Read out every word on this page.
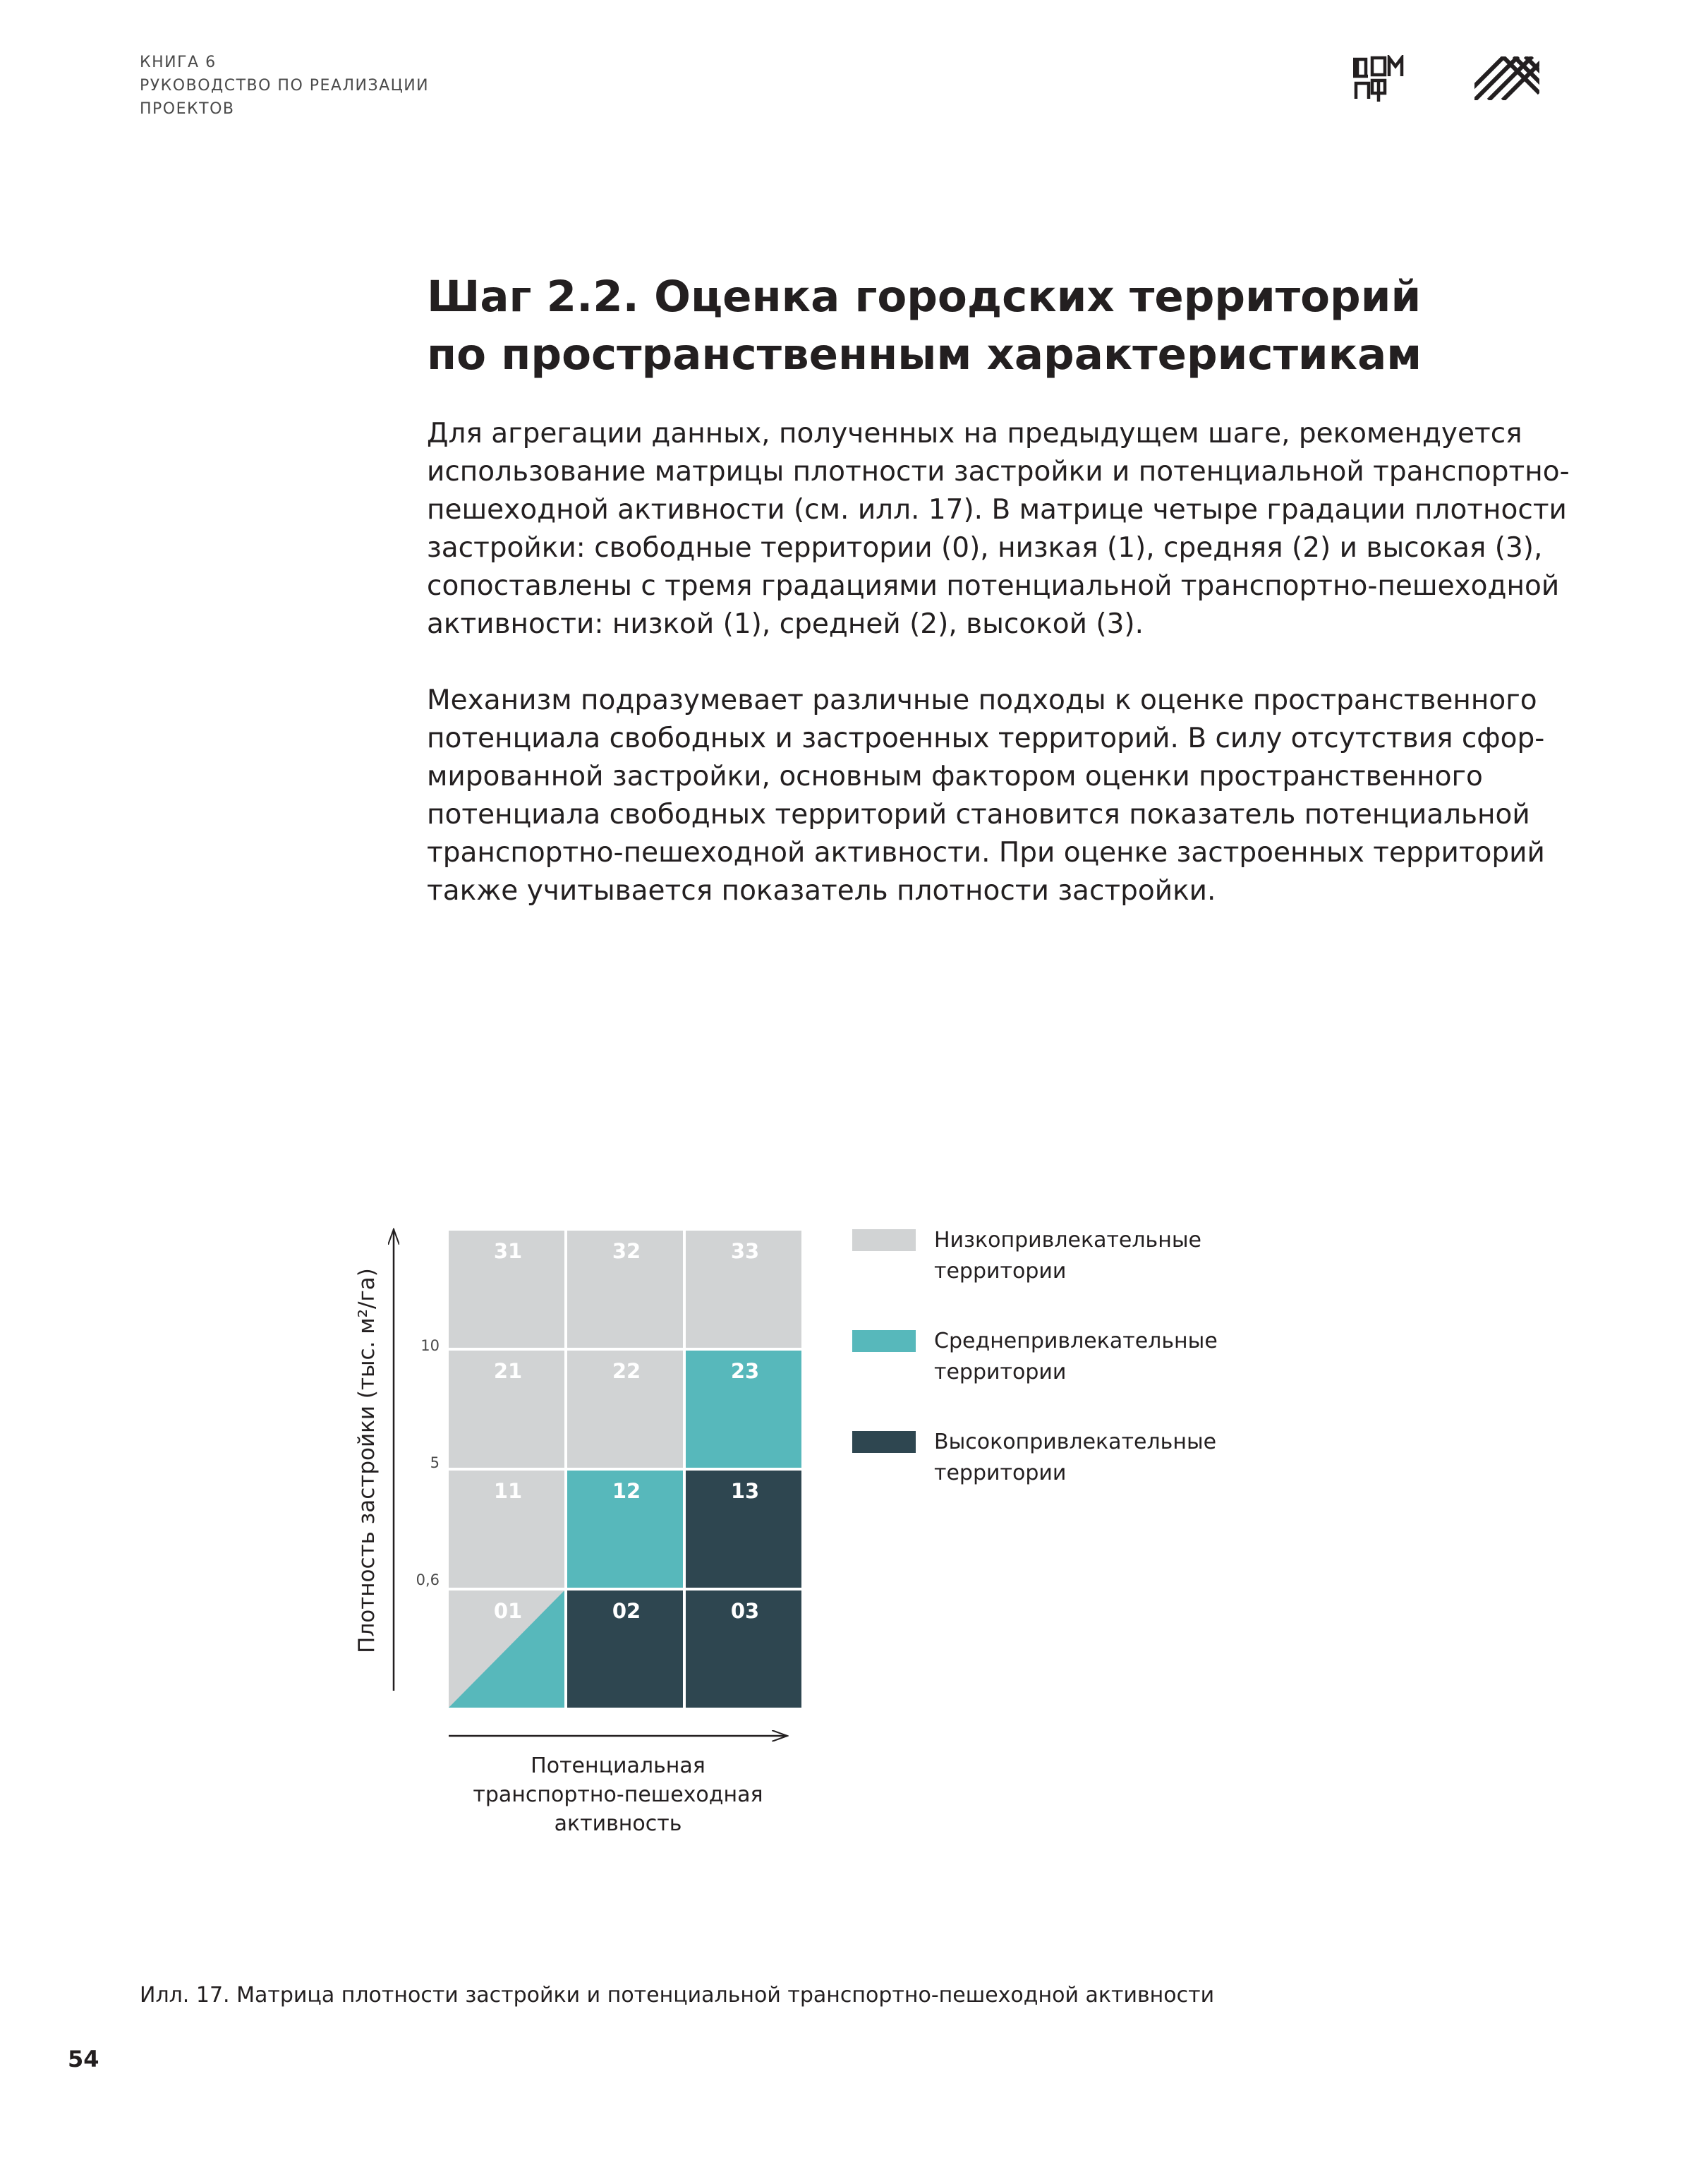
КНИГА 6
РУКОВОДСТВО ПО РЕАЛИЗАЦИИ
ПРОЕКТОВ
Шаг 2.2. Оценка городских территорий
по пространственным характеристикам
Для агрегации данных, полученных на предыдущем шаге, рекомендуется
использование матрицы плотности застройки и потенциальной транспортно-
пешеходной активности (см. илл. 17). В матрице четыре градации плотности
застройки: свободные территории (0), низкая (1), средняя (2) и высокая (3),
сопоставлены с тремя градациями потенциальной транспортно-пешеходной
активности: низкой (1), средней (2), высокой (3).
Механизм подразумевает различные подходы к оценке пространственного
потенциала свободных и застроенных территорий. В силу отсутствия сфор-
мированной застройки, основным фактором оценки пространственного
потенциала свободных территорий становится показатель потенциальной
транспортно-пешеходной активности. При оценке застроенных территорий
также учитывается показатель плотности застройки.
31	32	33
21	22	23
11	12	13
01	02	03
Плотность застройки (тыс. м²/га)	10
5
0,6
Потенциальная
транспортно-пешеходная
активность
Низкопривлекательные
территории
Среднепривлекательные
территории
Высокопривлекательные
территории
Илл. 17. Матрица плотности застройки и потенциальной транспортно-пешеходной активности
54
